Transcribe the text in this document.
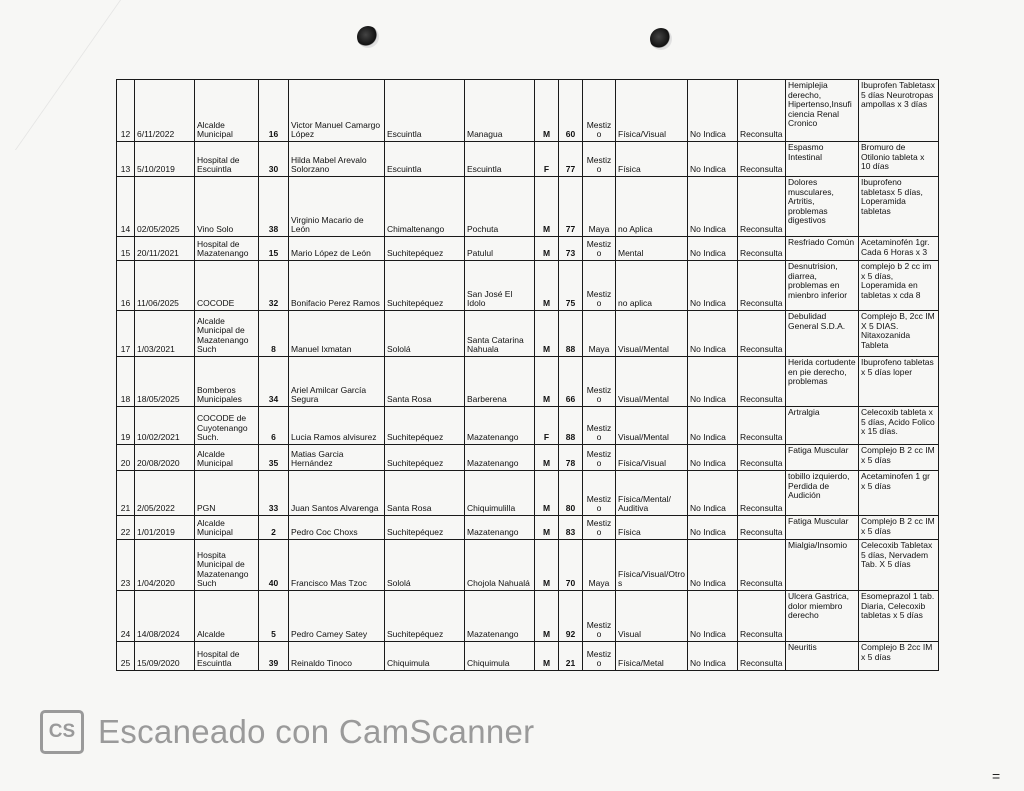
12	6/11/2022	Alcalde Municipal	16	Victor Manuel Camargo López	Escuintla	Managua	M	60	Mestizo	Física/Visual	No Indica	Reconsulta	Hemiplejia derecho, Hipertenso,Insuficiencia Renal Cronico	Ibuprofen Tabletasx 5 días Neurotropas ampollas x 3 días
13	5/10/2019	Hospital de Escuintla	30	Hilda Mabel Arevalo Solorzano	Escuintla	Escuintla	F	77	Mestizo	Física	No Indica	Reconsulta	Espasmo Intestinal	Bromuro de Otilonio tableta x 10 días
14	02/05/2025	Vino Solo	38	Virginio Macario de León	Chimaltenango	Pochuta	M	77	Maya	no Aplica	No Indica	Reconsulta	Dolores musculares, Artritis, problemas digestivos	Ibuprofeno tabletasx 5 días, Loperamida tabletas
15	20/11/2021	Hospital de Mazatenango	15	Mario López de León	Suchitepéquez	Patulul	M	73	Mestizo	Mental	No Indica	Reconsulta	Resfriado Común	Acetaminofén 1gr. Cada 6 Horas x 3
16	11/06/2025	COCODE	32	Bonifacio Perez Ramos	Suchitepéquez	San José El Idolo	M	75	Mestizo	no aplica	No Indica	Reconsulta	Desnutrision, diarrea, problemas en mienbro inferior	complejo b 2 cc im x 5 días, Loperamida en tabletas x cda 8
17	1/03/2021	Alcalde Municipal de Mazatenango Such	8	Manuel Ixmatan	Sololá	Santa Catarina Nahuala	M	88	Maya	Visual/Mental	No Indica	Reconsulta	Debulidad General S.D.A.	Complejo B, 2cc IM X 5 DIAS. Nitaxozanida Tableta
18	18/05/2025	Bomberos Municipales	34	Ariel Amilcar García Segura	Santa Rosa	Barberena	M	66	Mestizo	Visual/Mental	No Indica	Reconsulta	Herida cortudente en pie derecho, problemas	Ibuprofeno tabletas x 5 días loper
19	10/02/2021	COCODE de Cuyotenango Such.	6	Lucia Ramos alvisurez	Suchitepéquez	Mazatenango	F	88	Mestizo	Visual/Mental	No Indica	Reconsulta	Artralgia	Celecoxib tableta x 5 días, Acido Folico x 15 días.
20	20/08/2020	Alcalde Municipal	35	Matias Garcia Hernández	Suchitepéquez	Mazatenango	M	78	Mestizo	Física/Visual	No Indica	Reconsulta	Fatiga Muscular	Complejo B 2 cc IM x 5 días
21	2/05/2022	PGN	33	Juan Santos Alvarenga	Santa Rosa	Chiquimulilla	M	80	Mestizo	Física/Mental/ Auditiva	No Indica	Reconsulta	tobillo izquierdo, Perdida de Audición	Acetaminofen 1 gr x 5 días
22	1/01/2019	Alcalde Municipal	2	Pedro Coc Choxs	Suchitepéquez	Mazatenango	M	83	Mestizo	Física	No Indica	Reconsulta	Fatiga Muscular	Complejo B 2 cc IM x 5 días
23	1/04/2020	Hospita Municipal de Mazatenango Such	40	Francisco Mas Tzoc	Sololá	Chojola Nahualá	M	70	Maya	Física/Visual/Otros	No Indica	Reconsulta	Mialgia/Insomio	Celecoxib Tabletax 5 días, Nervadem Tab. X 5 días
24	14/08/2024	Alcalde	5	Pedro Camey Satey	Suchitepéquez	Mazatenango	M	92	Mestizo	Visual	No Indica	Reconsulta	Ulcera Gastrica, dolor miembro derecho	Esomeprazol 1 tab. Diaria, Celecoxib tabletas x 5 días
25	15/09/2020	Hospital de Escuintla	39	Reinaldo Tinoco	Chiquimula	Chiquimula	M	21	Mestizo	Física/Metal	No Indica	Reconsulta	Neuritis	Complejo B 2cc IM x 5 días
CS Escaneado con CamScanner
=
